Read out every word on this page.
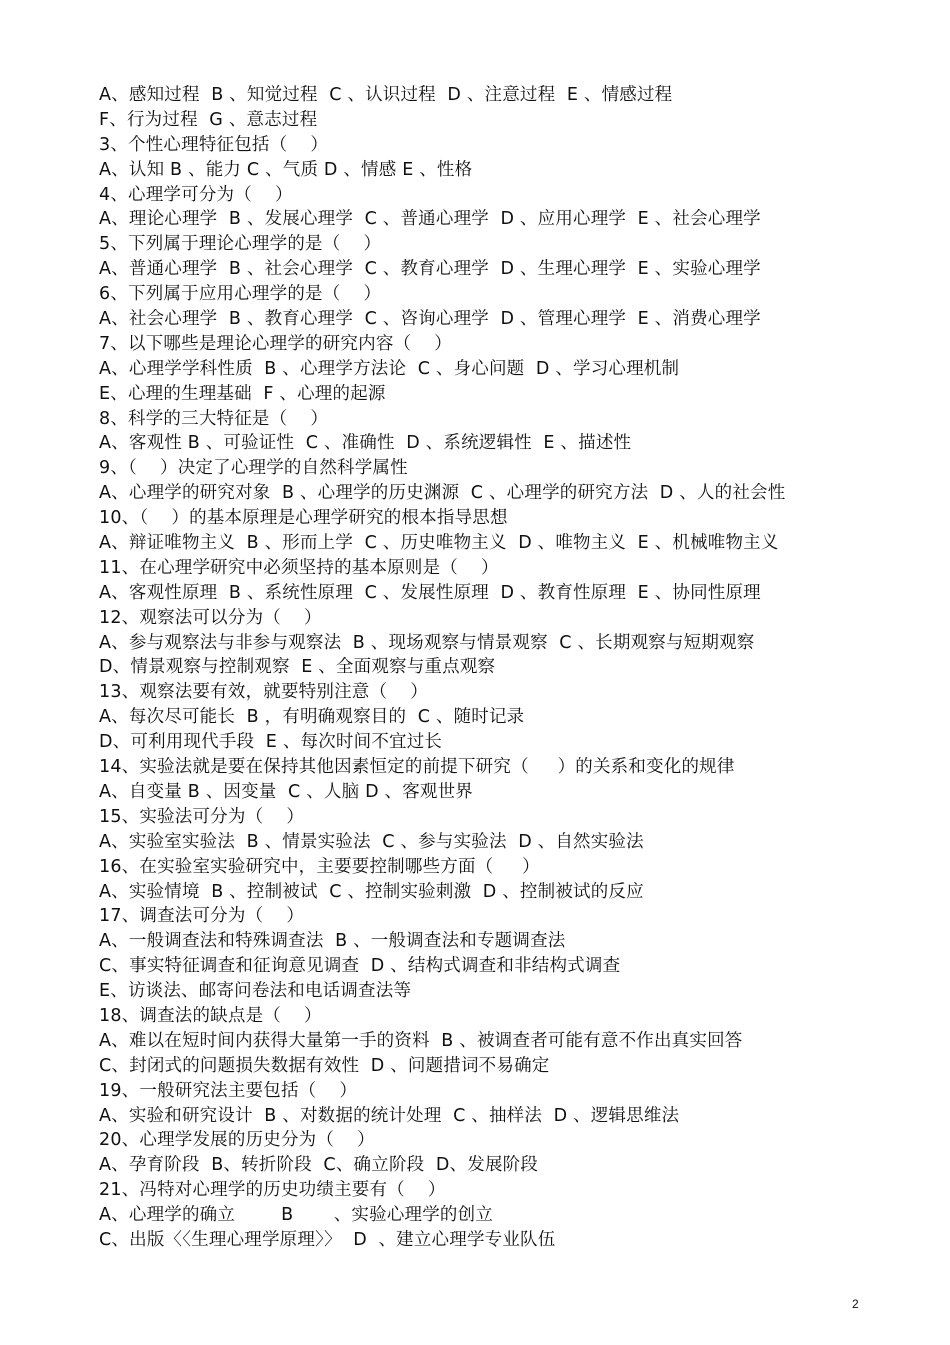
A、感知过程  B 、知觉过程  C 、认识过程  D 、注意过程  E 、情感过程
F、行为过程  G 、意志过程
3、个性心理特征包括（    ）
A、认知 B 、能力 C 、气质 D 、情感 E 、性格
4、心理学可分为（    ）
A、理论心理学  B 、发展心理学  C 、普通心理学  D 、应用心理学  E 、社会心理学
5、下列属于理论心理学的是（    ）
A、普通心理学  B 、社会心理学  C 、教育心理学  D 、生理心理学  E 、实验心理学
6、下列属于应用心理学的是（    ）
A、社会心理学  B 、教育心理学  C 、咨询心理学  D 、管理心理学  E 、消费心理学
7、以下哪些是理论心理学的研究内容（    ）
A、心理学学科性质  B 、心理学方法论  C 、身心问题  D 、学习心理机制
E、心理的生理基础  F 、心理的起源
8、科学的三大特征是（    ）
A、客观性 B 、可验证性  C 、准确性  D 、系统逻辑性  E 、描述性
9、（    ）决定了心理学的自然科学属性
A、心理学的研究对象  B 、心理学的历史渊源  C 、心理学的研究方法  D 、人的社会性
10、（    ）的基本原理是心理学研究的根本指导思想
A、辩证唯物主义  B 、形而上学  C 、历史唯物主义  D 、唯物主义  E 、机械唯物主义
11、在心理学研究中必须坚持的基本原则是（    ）
A、客观性原理  B 、系统性原理  C 、发展性原理  D 、教育性原理  E 、协同性原理
12、观察法可以分为（    ）
A、参与观察法与非参与观察法  B 、现场观察与情景观察  C 、长期观察与短期观察
D、情景观察与控制观察  E 、全面观察与重点观察
13、观察法要有效，就要特别注意（    ）
A、每次尽可能长  B ，有明确观察目的  C 、随时记录
D、可利用现代手段  E 、每次时间不宜过长
14、实验法就是要在保持其他因素恒定的前提下研究（     ）的关系和变化的规律
A、自变量 B 、因变量  C 、人脑 D 、客观世界
15、实验法可分为（    ）
A、实验室实验法  B 、情景实验法  C 、参与实验法  D 、自然实验法
16、在实验室实验研究中，主要要控制哪些方面（     ）
A、实验情境  B 、控制被试  C 、控制实验刺激  D 、控制被试的反应
17、调查法可分为（    ）
A、一般调查法和特殊调查法  B 、一般调查法和专题调查法
C、事实特征调查和征询意见调查  D 、结构式调查和非结构式调查
E、访谈法、邮寄问卷法和电话调查法等
18、调查法的缺点是（    ）
A、难以在短时间内获得大量第一手的资料  B 、被调查者可能有意不作出真实回答
C、封闭式的问题损失数据有效性  D 、问题措词不易确定
19、一般研究法主要包括（    ）
A、实验和研究设计  B 、对数据的统计处理  C 、抽样法  D 、逻辑思维法
20、心理学发展的历史分为（    ）
A、孕育阶段  B、转折阶段  C、确立阶段  D、发展阶段
21、冯特对心理学的历史功绩主要有（    ）
A、心理学的确立        B       、实验心理学的创立
C、出版〈〈生理心理学原理〉〉  D  、建立心理学专业队伍
2
